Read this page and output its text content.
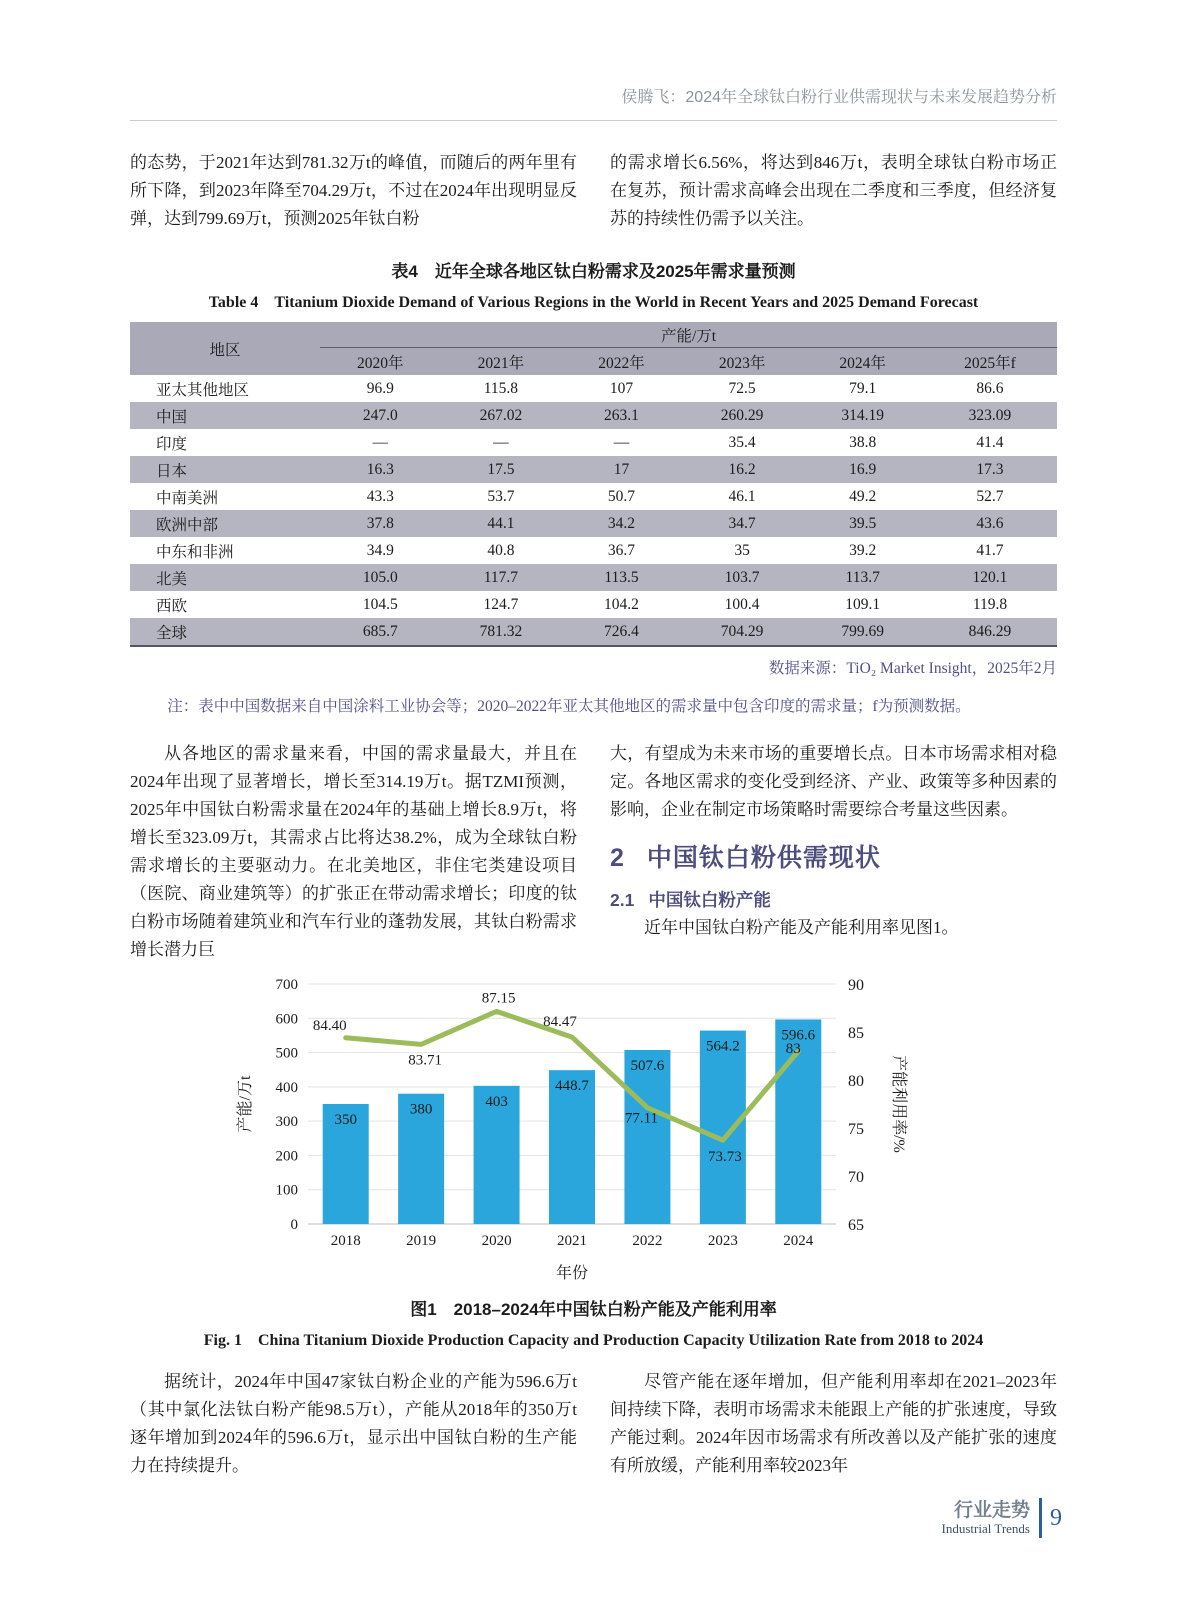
侯腾飞：2024年全球钛白粉行业供需现状与未来发展趋势分析

的态势，于2021年达到781.32万t的峰值，而随后的两年里有所下降，到2023年降至704.29万t，不过在2024年出现明显反弹，达到799.69万t，预测2025年钛白粉

的需求增长6.56%，将达到846万t，表明全球钛白粉市场正在复苏，预计需求高峰会出现在二季度和三季度，但经济复苏的持续性仍需予以关注。

表4　近年全球各地区钛白粉需求及2025年需求量预测

Table 4　Titanium Dioxide Demand of Various Regions in the World in Recent Years and 2025 Demand Forecast

地区	产能/万t					
	2020年	2021年	2022年	2023年	2024年	2025年f
亚太其他地区	96.9	115.8	107	72.5	79.1	86.6
中国	247.0	267.02	263.1	260.29	314.19	323.09
印度	—	—	—	35.4	38.8	41.4
日本	16.3	17.5	17	16.2	16.9	17.3
中南美洲	43.3	53.7	50.7	46.1	49.2	52.7
欧洲中部	37.8	44.1	34.2	34.7	39.5	43.6
中东和非洲	34.9	40.8	36.7	35	39.2	41.7
北美	105.0	117.7	113.5	103.7	113.7	120.1
西欧	104.5	124.7	104.2	100.4	109.1	119.8
全球	685.7	781.32	726.4	704.29	799.69	846.29

数据来源：TiO₂ Market Insight，2025年2月

注：表中中国数据来自中国涂料工业协会等；2020–2022年亚太其他地区的需求量中包含印度的需求量；f为预测数据。

从各地区的需求量来看，中国的需求量最大，并且在2024年出现了显著增长，增长至314.19万t。据TZMI预测，2025年中国钛白粉需求量在2024年的基础上增长8.9万t，将增长至323.09万t，其需求占比将达38.2%，成为全球钛白粉需求增长的主要驱动力。在北美地区，非住宅类建设项目（医院、商业建筑等）的扩张正在带动需求增长；印度的钛白粉市场随着建筑业和汽车行业的蓬勃发展，其钛白粉需求增长潜力巨

大，有望成为未来市场的重要增长点。日本市场需求相对稳定。各地区需求的变化受到经济、产业、政策等多种因素的影响，企业在制定市场策略时需要综合考量这些因素。

2 中国钛白粉供需现状
2.1 中国钛白粉产能

近年中国钛白粉产能及产能利用率见图1。

0
100
200
300
400
500
600
700
65
70
75
80
85
90
350
2018
380
2019
403
2020
448.7
2021
507.6
2022
564.2
2023
596.6
2024
84.40
83.71
87.15
84.47
77.11
73.73
83
产能/万t	产能利用率/%
年份

图1　2018–2024年中国钛白粉产能及产能利用率

Fig. 1　China Titanium Dioxide Production Capacity and Production Capacity Utilization Rate from 2018 to 2024

据统计，2024年中国47家钛白粉企业的产能为596.6万t（其中氯化法钛白粉产能98.5万t），产能从2018年的350万t逐年增加到2024年的596.6万t，显示出中国钛白粉的生产能力在持续提升。

尽管产能在逐年增加，但产能利用率却在2021–2023年间持续下降，表明市场需求未能跟上产能的扩张速度，导致产能过剩。2024年因市场需求有所改善以及产能扩张的速度有所放缓，产能利用率较2023年

行业走势
Industrial Trends 9
